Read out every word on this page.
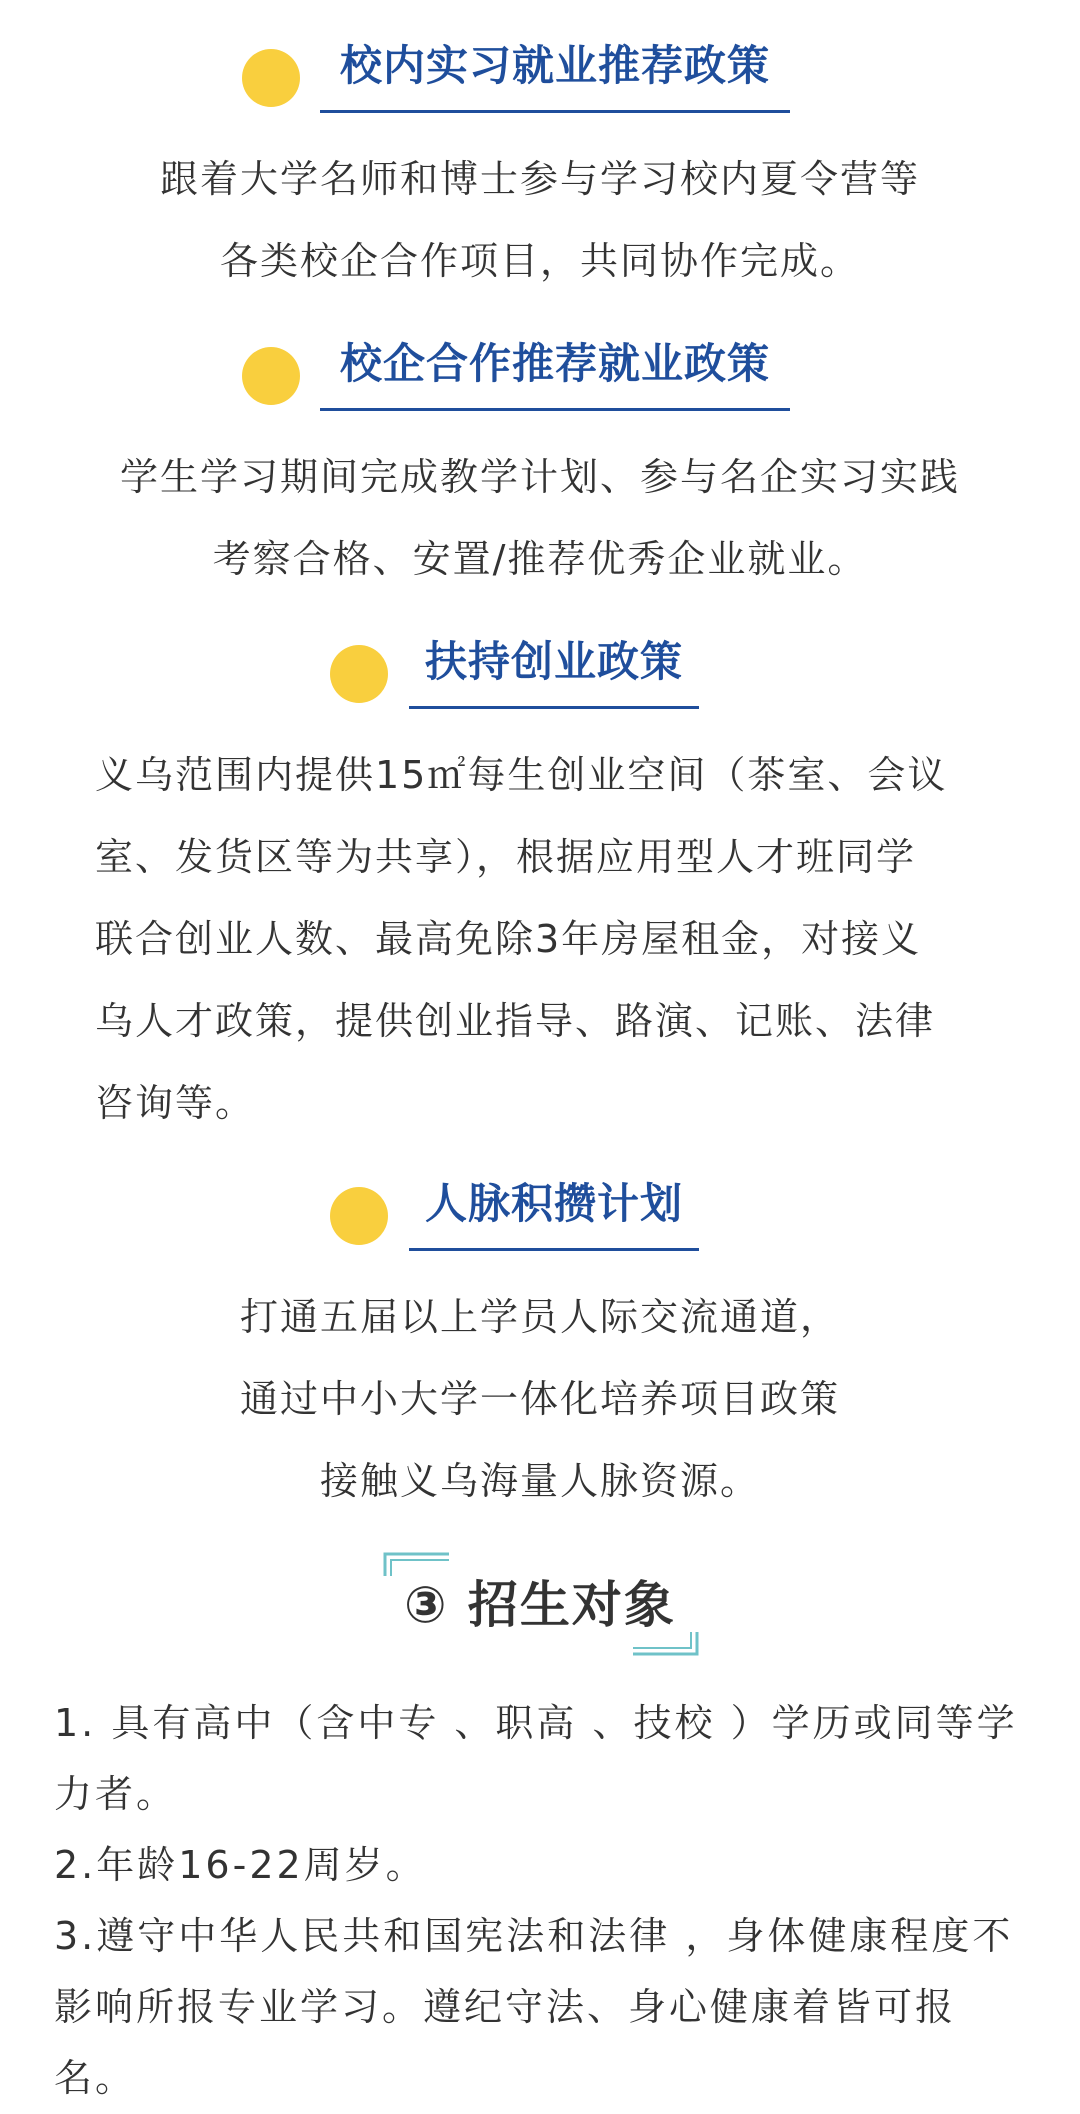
校内实习就业推荐政策
跟着大学名师和博士参与学习校内夏令营等
各类校企合作项目，共同协作完成。
校企合作推荐就业政策
学生学习期间完成教学计划、参与名企实习实践
考察合格、安置/推荐优秀企业就业。
扶持创业政策
义乌范围内提供15㎡每生创业空间（茶室、会议
室、发货区等为共享），根据应用型人才班同学
联合创业人数、最高免除3年房屋租金，对接义
乌人才政策，提供创业指导、路演、记账、法律
咨询等。
人脉积攒计划
打通五届以上学员人际交流通道，
通过中小大学一体化培养项目政策
接触义乌海量人脉资源。
③ 招生对象
1. 具有高中（含中专 、职高 、技校 ）学历或同等学
力者。
2.年龄16-22周岁。
3.遵守中华人民共和国宪法和法律 ，身体健康程度不
影响所报专业学习。遵纪守法、身心健康着皆可报
名。
